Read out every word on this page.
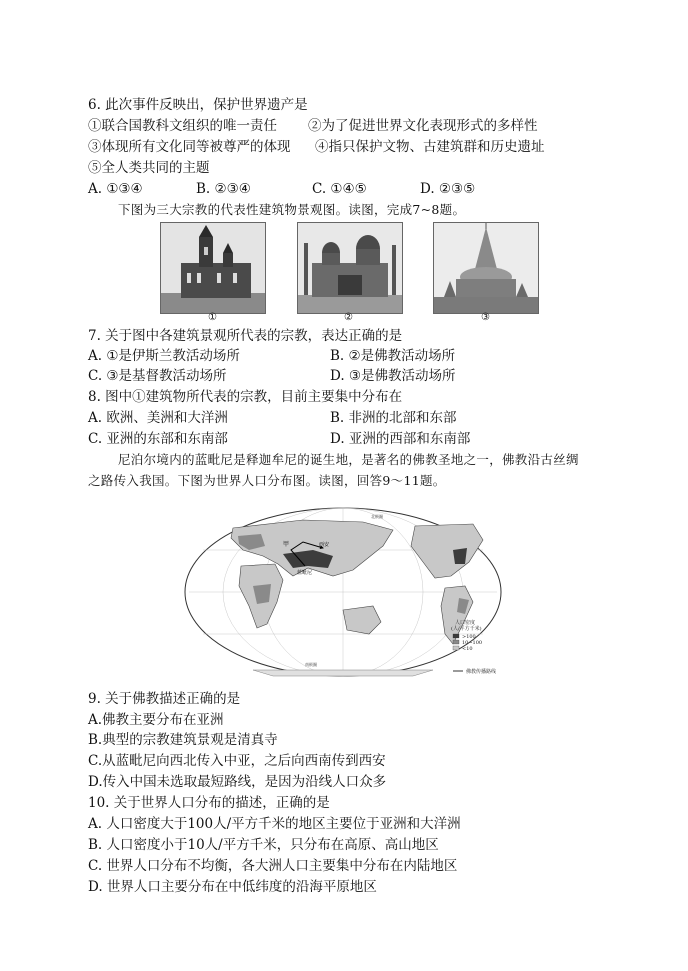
6. 此次事件反映出，保护世界遗产是
①联合国教科文组织的唯一责任 ②为了促进世界文化表现形式的多样性
③体现所有文化同等被尊严的体现 ④指只保护文物、古建筑群和历史遗址
⑤全人类共同的主题
A. ①③④	B. ②③④	C. ①④⑤	D. ②③⑤
下图为三大宗教的代表性建筑物景观图。读图，完成7~8题。
①	②	③
7. 关于图中各建筑景观所代表的宗教，表达正确的是
A. ①是伊斯兰教活动场所	B. ②是佛教活动场所
C. ③是基督教活动场所	D. ③是佛教活动场所
8. 图中①建筑物所代表的宗教，目前主要集中分布在
A. 欧洲、美洲和大洋洲	B. 非洲的北部和东部
C. 亚洲的东部和东南部	D. 亚洲的西部和东南部
尼泊尔境内的蓝毗尼是释迦牟尼的诞生地，是著名的佛教圣地之一，佛教沿古丝绸
之路传入我国。下图为世界人口分布图。读图，回答9～11题。
甲	西安
蓝毗尼
南极圈
北极圈
人口密度
(人/平方千米)
>100
10~100
<10
佛教传播路线
9. 关于佛教描述正确的是
A.佛教主要分布在亚洲
B.典型的宗教建筑景观是清真寺
C.从蓝毗尼向西北传入中亚，之后向西南传到西安
D.传入中国未选取最短路线，是因为沿线人口众多
10. 关于世界人口分布的描述，正确的是
A. 人口密度大于100人/平方千米的地区主要位于亚洲和大洋洲
B. 人口密度小于10人/平方千米，只分布在高原、高山地区
C. 世界人口分布不均衡，各大洲人口主要集中分布在内陆地区
D. 世界人口主要分布在中低纬度的沿海平原地区
